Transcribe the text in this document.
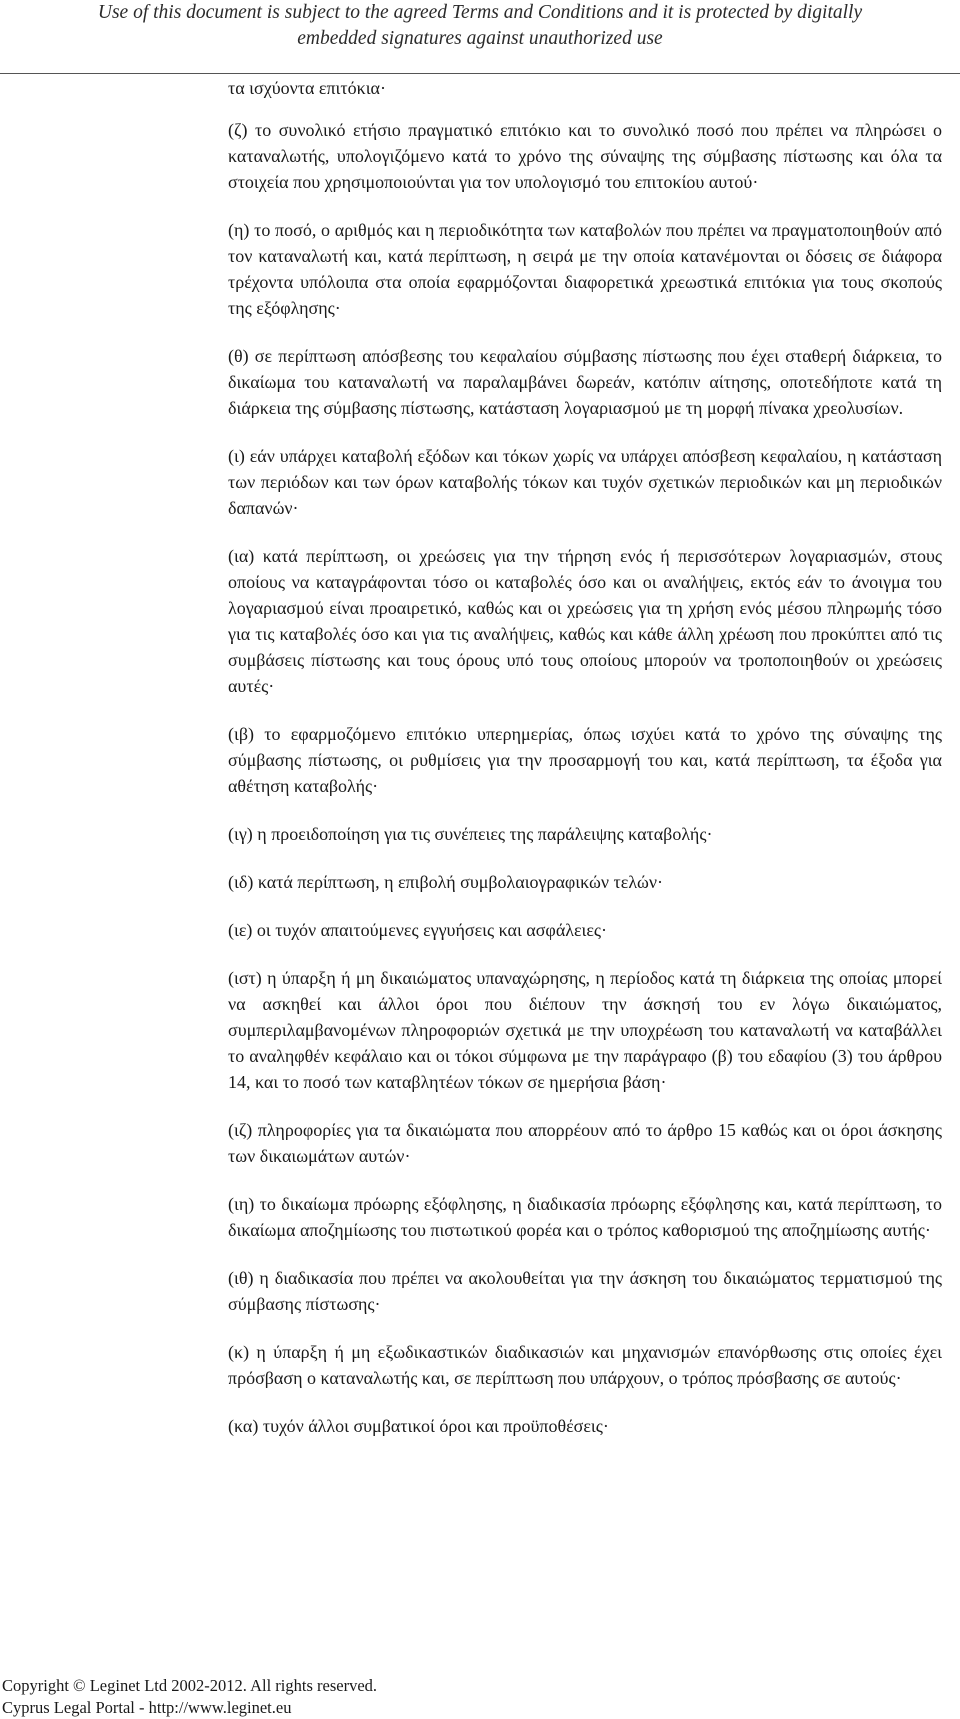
Use of this document is subject to the agreed Terms and Conditions and it is protected by digitally
embedded signatures against unauthorized use

τα ισχύοντα επιτόκια·

(ζ) το συνολικό ετήσιο πραγματικό επιτόκιο και το συνολικό ποσό που πρέπει να πληρώσει ο καταναλωτής, υπολογιζόμενο κατά το χρόνο της σύναψης της σύμβασης πίστωσης και όλα τα στοιχεία που χρησιμοποιούνται για τον υπολογισμό του επιτοκίου αυτού·

(η) το ποσό, ο αριθμός και η περιοδικότητα των καταβολών που πρέπει να πραγματοποιηθούν από τον καταναλωτή και, κατά περίπτωση, η σειρά με την οποία κατανέμονται οι δόσεις σε διάφορα τρέχοντα υπόλοιπα στα οποία εφαρμόζονται διαφορετικά χρεωστικά επιτόκια για τους σκοπούς της εξόφλησης·

(θ) σε περίπτωση απόσβεσης του κεφαλαίου σύμβασης πίστωσης που έχει σταθερή διάρκεια, το δικαίωμα του καταναλωτή να παραλαμβάνει δωρεάν, κατόπιν αίτησης, οποτεδήποτε κατά τη διάρκεια της σύμβασης πίστωσης, κατάσταση λογαριασμού με τη μορφή πίνακα χρεολυσίων.

(ι) εάν υπάρχει καταβολή εξόδων και τόκων χωρίς να υπάρχει απόσβεση κεφαλαίου, η κατάσταση των περιόδων και των όρων καταβολής τόκων και τυχόν σχετικών περιοδικών και μη περιοδικών δαπανών·

(ια) κατά περίπτωση, οι χρεώσεις για την τήρηση ενός ή περισσότερων λογαριασμών, στους οποίους να καταγράφονται τόσο οι καταβολές όσο και οι αναλήψεις, εκτός εάν το άνοιγμα του λογαριασμού είναι προαιρετικό, καθώς και οι χρεώσεις για τη χρήση ενός μέσου πληρωμής τόσο για τις καταβολές όσο και για τις αναλήψεις, καθώς και κάθε άλλη χρέωση που προκύπτει από τις συμβάσεις πίστωσης και τους όρους υπό τους οποίους μπορούν να τροποποιηθούν οι χρεώσεις αυτές·

(ιβ) το εφαρμοζόμενο επιτόκιο υπερημερίας, όπως ισχύει κατά το χρόνο της σύναψης της σύμβασης πίστωσης, οι ρυθμίσεις για την προσαρμογή του και, κατά περίπτωση, τα έξοδα για αθέτηση καταβολής·

(ιγ) η προειδοποίηση για τις συνέπειες της παράλειψης καταβολής·

(ιδ) κατά περίπτωση, η επιβολή συμβολαιογραφικών τελών·

(ιε) οι τυχόν απαιτούμενες εγγυήσεις και ασφάλειες·

(ιστ) η ύπαρξη ή μη δικαιώματος υπαναχώρησης, η περίοδος κατά τη διάρκεια της οποίας μπορεί να ασκηθεί και άλλοι όροι που διέπουν την άσκησή του εν λόγω δικαιώματος, συμπεριλαμβανομένων πληροφοριών σχετικά με την υποχρέωση του καταναλωτή να καταβάλλει το αναληφθέν κεφάλαιο και οι τόκοι σύμφωνα με την παράγραφο (β) του εδαφίου (3) του άρθρου 14, και το ποσό των καταβλητέων τόκων σε ημερήσια βάση·

(ιζ) πληροφορίες για τα δικαιώματα που απορρέουν από το άρθρο 15 καθώς και οι όροι άσκησης των δικαιωμάτων αυτών·

(ιη) το δικαίωμα πρόωρης εξόφλησης, η διαδικασία πρόωρης εξόφλησης και, κατά περίπτωση, το δικαίωμα αποζημίωσης του πιστωτικού φορέα και ο τρόπος καθορισμού της αποζημίωσης αυτής·

(ιθ) η διαδικασία που πρέπει να ακολουθείται για την άσκηση του δικαιώματος τερματισμού της σύμβασης πίστωσης·

(κ) η ύπαρξη ή μη εξωδικαστικών διαδικασιών και μηχανισμών επανόρθωσης στις οποίες έχει πρόσβαση ο καταναλωτής και, σε περίπτωση που υπάρχουν, ο τρόπος πρόσβασης σε αυτούς·

(κα) τυχόν άλλοι συμβατικοί όροι και προϋποθέσεις·

Copyright © Leginet Ltd 2002-2012. All rights reserved.
Cyprus Legal Portal - http://www.leginet.eu
